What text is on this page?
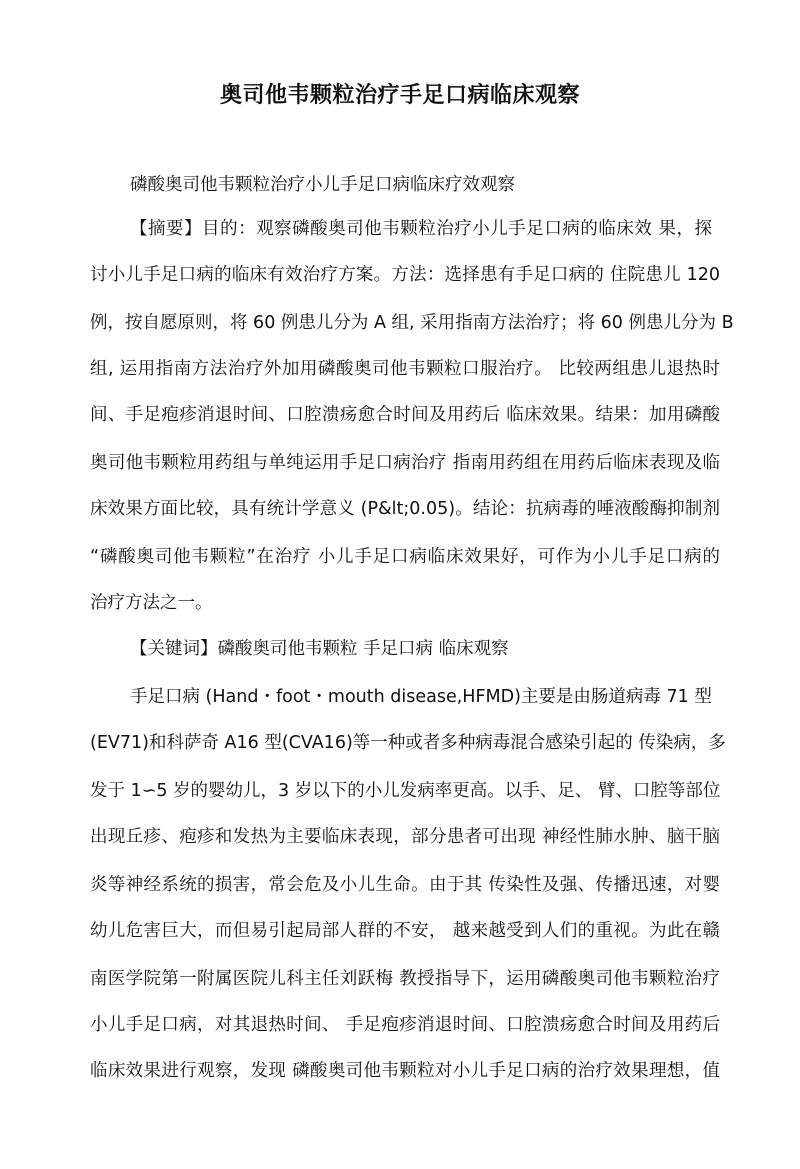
奥司他韦颗粒治疗手足口病临床观察
磷酸奥司他韦颗粒治疗小儿手足口病临床疗效观察
【摘要】目的：观察磷酸奥司他韦颗粒治疗小儿手足口病的临床效 果，探
讨小儿手足口病的临床有效治疗方案。方法：选择患有手足口病的 住院患儿 120
例，按自愿原则，将 60 例患儿分为 A 组, 采用指南方法治疗；将 60 例患儿分为 B
组, 运用指南方法治疗外加用磷酸奥司他韦颗粒口服治疗。 比较两组患儿退热时
间、手足疱疹消退时间、口腔溃疡愈合时间及用药后 临床效果。结果：加用磷酸
奥司他韦颗粒用药组与单纯运用手足口病治疗 指南用药组在用药后临床表现及临
床效果方面比较，具有统计学意义 (P&lt;0.05)。结论：抗病毒的唾液酸酶抑制剂
“磷酸奥司他韦颗粒”在治疗 小儿手足口病临床效果好，可作为小儿手足口病的
治疗方法之一。
【关键词】磷酸奥司他韦颗粒 手足口病 临床观察
手足口病 (Hand・foot・mouth disease,HFMD)主要是由肠道病毒 71 型
(EV71)和科萨奇 A16 型(CVA16)等一种或者多种病毒混合感染引起的 传染病，多
发于 1∽5 岁的婴幼儿，3 岁以下的小儿发病率更高。以手、足、 臂、口腔等部位
出现丘疹、疱疹和发热为主要临床表现，部分患者可出现 神经性肺水肿、脑干脑
炎等神经系统的损害，常会危及小儿生命。由于其 传染性及强、传播迅速，对婴
幼儿危害巨大，而但易引起局部人群的不安， 越来越受到人们的重视。为此在赣
南医学院第一附属医院儿科主任刘跃梅 教授指导下，运用磷酸奥司他韦颗粒治疗
小儿手足口病，对其退热时间、 手足疱疹消退时间、口腔溃疡愈合时间及用药后
临床效果进行观察，发现 磷酸奥司他韦颗粒对小儿手足口病的治疗效果理想，值
